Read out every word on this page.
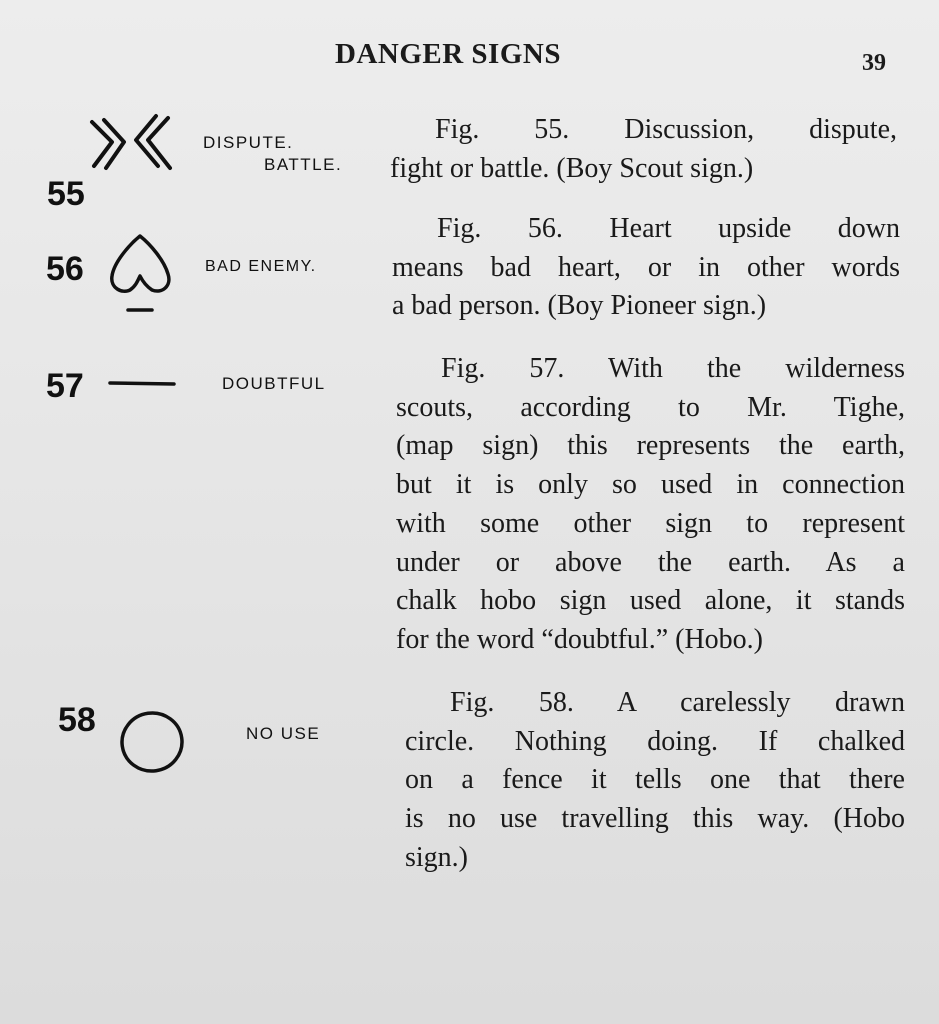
DANGER SIGNS	39
55
DISPUTE.
BATTLE.
Fig. 55. Discussion, dispute,
fight or battle. (Boy Scout sign.)
56	BAD ENEMY.
Fig. 56. Heart upside down
means bad heart, or in other words
a bad person. (Boy Pioneer sign.)
57	DOUBTFUL	Fig. 57. With the wilderness
scouts, according to Mr. Tighe,
(map sign) this represents the earth,
but it is only so used in connection
with some other sign to represent
under or above the earth. As a
chalk hobo sign used alone, it stands
for the word “doubtful.” (Hobo.)
58	NO USE
Fig. 58. A carelessly drawn
circle. Nothing doing. If chalked
on a fence it tells one that there
is no use travelling this way. (Hobo
sign.)
